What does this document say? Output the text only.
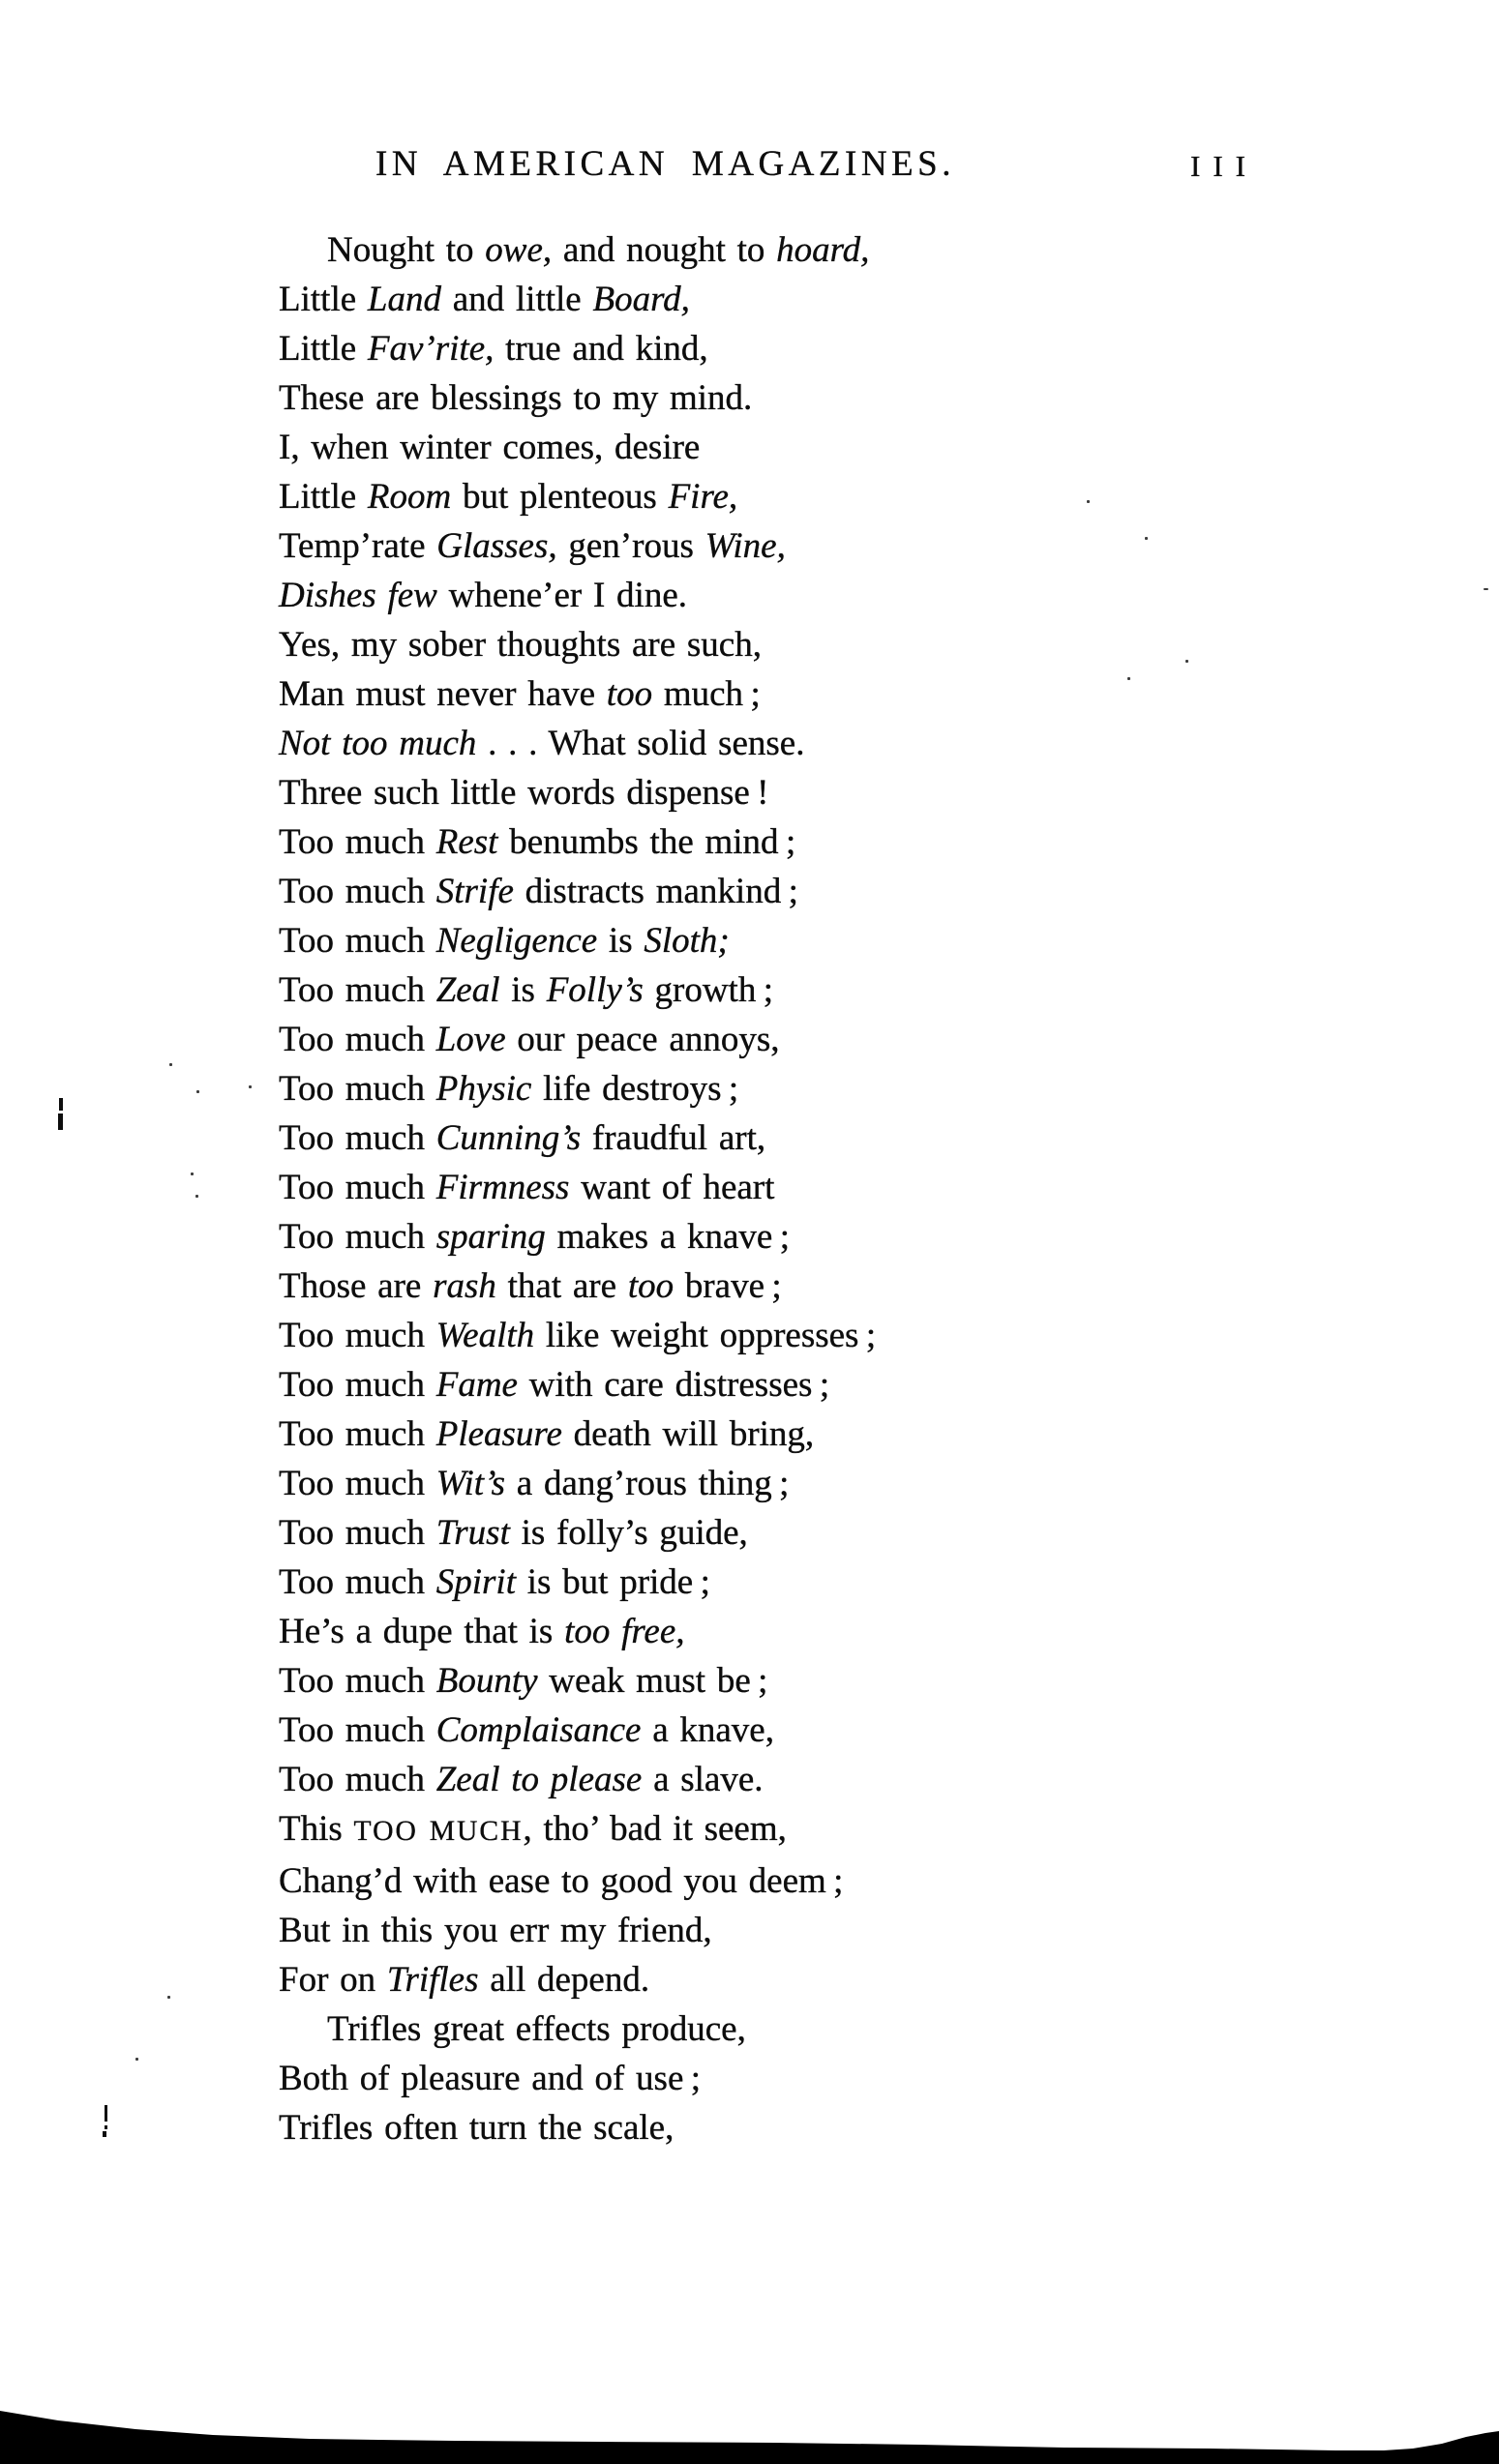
IN AMERICAN MAGAZINES.	III
Nought to owe, and nought to hoard,
Little Land and little Board,
Little Fav’rite, true and kind,
These are blessings to my mind.
I, when winter comes, desire
Little Room but plenteous Fire,
Temp’rate Glasses, gen’rous Wine,
Dishes few whene’er I dine.
Yes, my sober thoughts are such,
Man must never have too much ;
Not too much . . . What solid sense.
Three such little words dispense !
Too much Rest benumbs the mind ;
Too much Strife distracts mankind ;
Too much Negligence is Sloth;
Too much Zeal is Folly’s growth ;
Too much Love our peace annoys,
Too much Physic life destroys ;
Too much Cunning’s fraudful art,
Too much Firmness want of heart
Too much sparing makes a knave ;
Those are rash that are too brave ;
Too much Wealth like weight oppresses ;
Too much Fame with care distresses ;
Too much Pleasure death will bring,
Too much Wit’s a dang’rous thing ;
Too much Trust is folly’s guide,
Too much Spirit is but pride ;
He’s a dupe that is too free,
Too much Bounty weak must be ;
Too much Complaisance a knave,
Too much Zeal to please a slave.
This TOO MUCH, tho’ bad it seem,
Chang’d with ease to good you deem ;
But in this you err my friend,
For on Trifles all depend.
Trifles great effects produce,
Both of pleasure and of use ;
Trifles often turn the scale,
